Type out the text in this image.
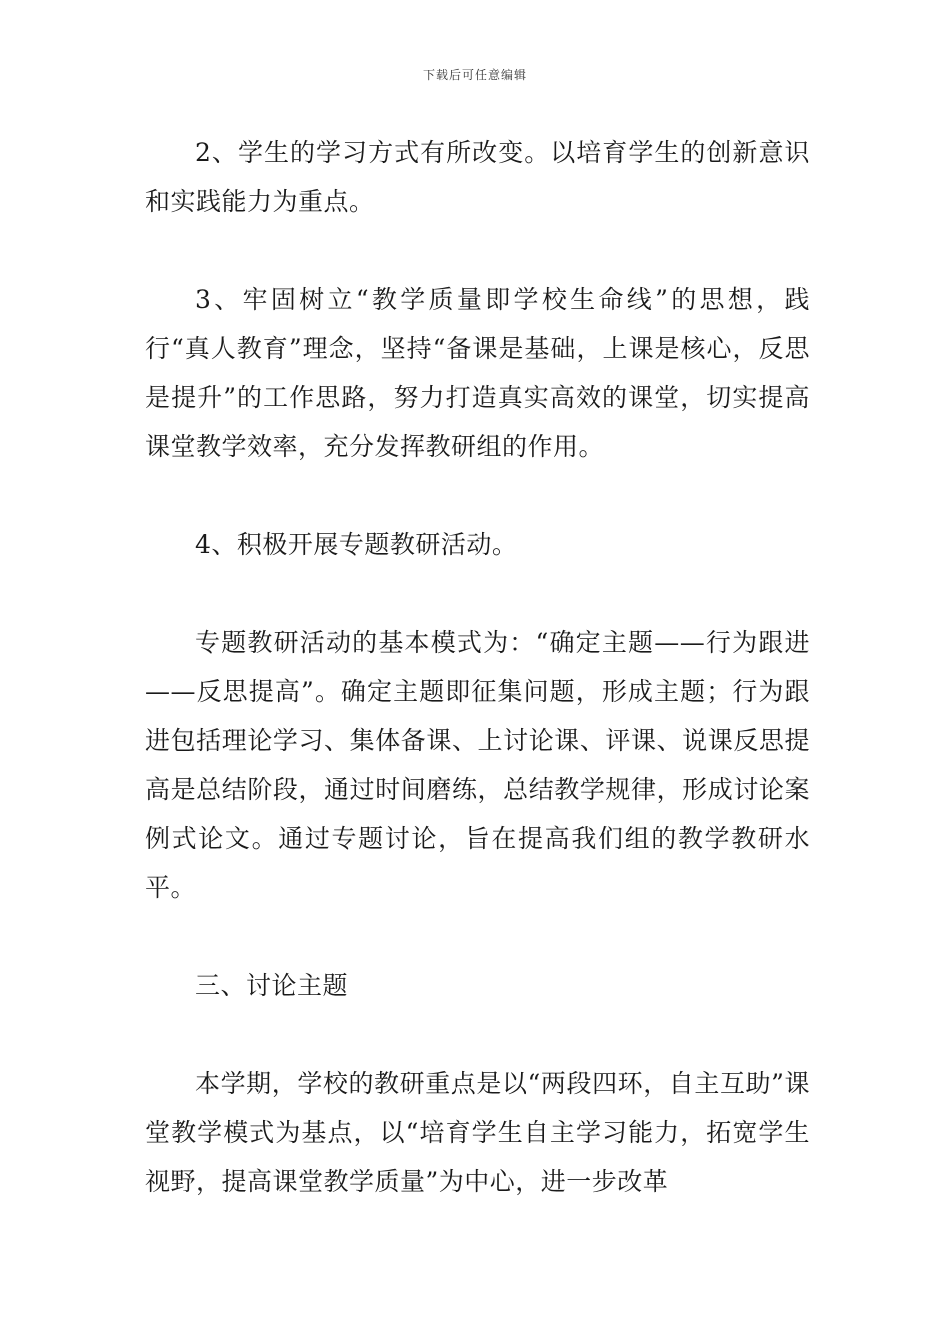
下载后可任意编辑

2、学生的学习方式有所改变。以培育学生的创新意识和实践能力为重点。

3、牢固树立“教学质量即学校生命线”的思想，践行“真人教育”理念，坚持“备课是基础，上课是核心，反思是提升”的工作思路，努力打造真实高效的课堂，切实提高课堂教学效率，充分发挥教研组的作用。

4、积极开展专题教研活动。

专题教研活动的基本模式为：“确定主题——行为跟进——反思提高”。确定主题即征集问题，形成主题；行为跟进包括理论学习、集体备课、上讨论课、评课、说课反思提高是总结阶段，通过时间磨练，总结教学规律，形成讨论案例式论文。通过专题讨论，旨在提高我们组的教学教研水平。

三、讨论主题

本学期，学校的教研重点是以“两段四环，自主互助”课堂教学模式为基点，以“培育学生自主学习能力，拓宽学生视野，提高课堂教学质量”为中心，进一步改革
